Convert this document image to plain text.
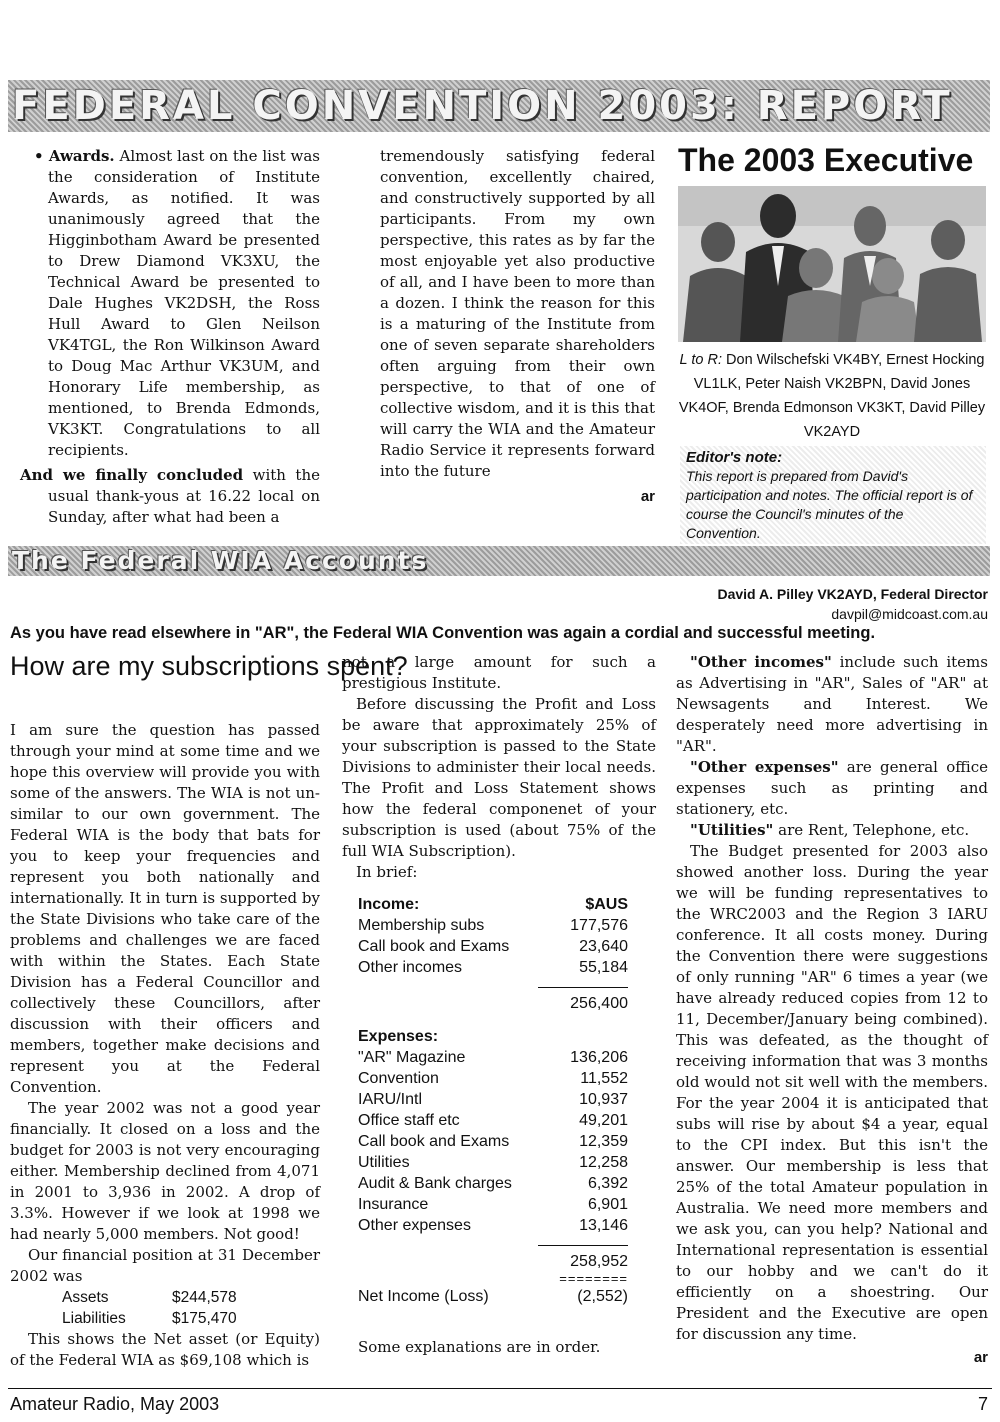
FEDERAL CONVENTION 2003: REPORT

• Awards. Almost last on the list was the consideration of Institute Awards, as notified. It was unanimously agreed that the Higginbotham Award be presented to Drew Diamond VK3XU, the Technical Award be presented to Dale Hughes VK2DSH, the Ross Hull Award to Glen Neilson VK4TGL, the Ron Wilkinson Award to Doug Mac Arthur VK3UM, and Honorary Life membership, as mentioned, to Brenda Edmonds, VK3KT. Congratulations to all recipients.

And we finally concluded with the usual thank-yous at 16.22 local on Sunday, after what had been a

tremendously satisfying federal convention, excellently chaired, and constructively supported by all participants. From my own perspective, this rates as by far the most enjoyable yet also productive of all, and I have been to more than a dozen. I think the reason for this is a maturing of the Institute from one of seven separate shareholders often arguing from their own perspective, to that of one of collective wisdom, and it is this that will carry the WIA and the Amateur Radio Service it represents forward into the future

ar
The 2003 Executive
L to R: Don Wilschefski VK4BY, Ernest Hocking VL1LK, Peter Naish VK2BPN, David Jones VK4OF, Brenda Edmonson VK3KT, David Pilley VK2AYD
Editor's note:
This report is prepared from David's participation and notes. The official report is of course the Council's minutes of the Convention.
The Federal WIA Accounts
David A. Pilley VK2AYD, Federal Director
davpil@midcoast.com.au
As you have read elsewhere in "AR", the Federal WIA Convention was again a cordial and successful meeting.
How are my subscriptions spent?

I am sure the question has passed through your mind at some time and we hope this overview will provide you with some of the answers. The WIA is not un-similar to our own government. The Federal WIA is the body that bats for you to keep your frequencies and represent you both nationally and internationally. It in turn is supported by the State Divisions who take care of the problems and challenges we are faced with within the States. Each State Division has a Federal Councillor and collectively these Councillors, after discussion with their officers and members, together make decisions and represent you at the Federal Convention.

The year 2002 was not a good year financially. It closed on a loss and the budget for 2003 is not very encouraging either. Membership declined from 4,071 in 2001 to 3,936 in 2002. A drop of 3.3%. However if we look at 1998 we had nearly 5,000 members. Not good!

Our financial position at 31 December 2002 was

Assets	$244,578
Liabilities	$175,470

This shows the Net asset (or Equity) of the Federal WIA as $69,108 which is

not a large amount for such a prestigious Institute.

Before discussing the Profit and Loss be aware that approximately 25% of your subscription is passed to the State Divisions to administer their local needs. The Profit and Loss Statement shows how the federal componenet of your subscription is used (about 75% of the full WIA Subscription).

In brief:

Income:	$AUS
Membership subs	177,576
Call book and Exams	23,640
Other incomes	55,184
256,400
Expenses:
"AR" Magazine	136,206
Convention	11,552
IARU/Intl	10,937
Office staff etc	49,201
Call book and Exams	12,359
Utilities	12,258
Audit & Bank charges	6,392
Insurance	6,901
Other expenses	13,146
258,952
========
Net Income (Loss)	(2,552)
Some explanations are in order.

"Other incomes" include such items as Advertising in "AR", Sales of "AR" at Newsagents and Interest. We desperately need more advertising in "AR".

"Other expenses" are general office expenses such as printing and stationery, etc.

"Utilities" are Rent, Telephone, etc.

The Budget presented for 2003 also showed another loss. During the year we will be funding representatives to the WRC2003 and the Region 3 IARU conference. It all costs money. During the Convention there were suggestions of only running "AR" 6 times a year (we have already reduced copies from 12 to 11, December/January being combined). This was defeated, as the thought of receiving information that was 3 months old would not sit well with the members. For the year 2004 it is anticipated that subs will rise by about $4 a year, equal to the CPI index. But this isn't the answer. Our membership is less that 25% of the total Amateur population in Australia. We need more members and we ask you, can you help? National and International representation is essential to our hobby and we can't do it efficiently on a shoestring. Our President and the Executive are open for discussion any time.

ar
Amateur Radio, May 2003	7
